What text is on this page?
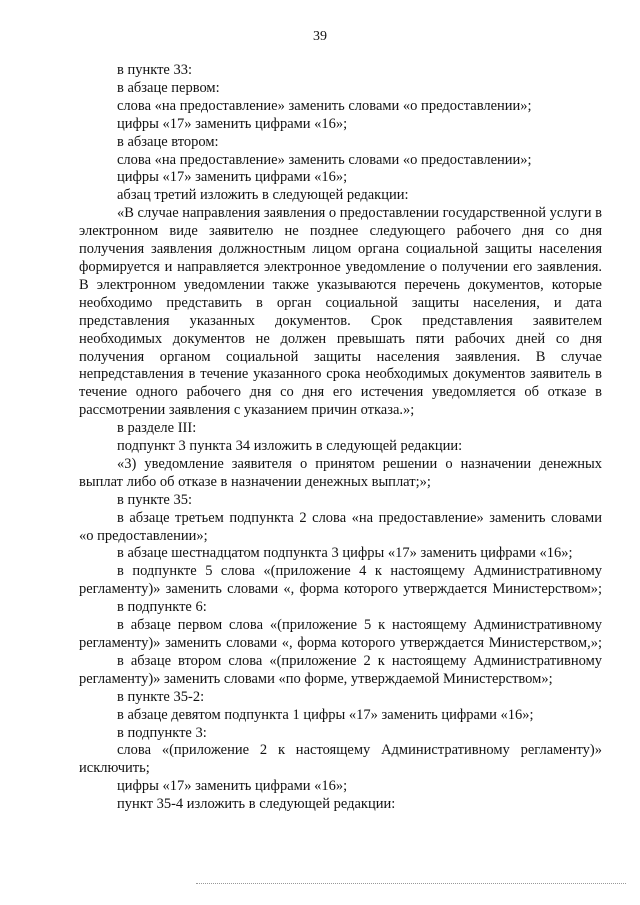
39

в пункте 33:

в абзаце первом:

слова «на предоставление» заменить словами «о предоставлении»;

цифры «17» заменить цифрами «16»;

в абзаце втором:

слова «на предоставление» заменить словами «о предоставлении»;

цифры «17» заменить цифрами «16»;

абзац третий изложить в следующей редакции:

«В случае направления заявления о предоставлении государственной услуги в электронном виде заявителю не позднее следующего рабочего дня со дня получения заявления должностным лицом органа социальной защиты населения формируется и направляется электронное уведомление о получении его заявления. В электронном уведомлении также указываются перечень документов, которые необходимо представить в орган социальной защиты населения, и дата представления указанных документов. Срок представления заявителем необходимых документов не должен превышать пяти рабочих дней со дня получения органом социальной защиты населения заявления. В случае непредставления в течение указанного срока необходимых документов заявитель в течение одного рабочего дня со дня его истечения уведомляется об отказе в рассмотрении заявления с указанием причин отказа.»;

в разделе III:

подпункт 3 пункта 34 изложить в следующей редакции:

«3) уведомление заявителя о принятом решении о назначении денежных выплат либо об отказе в назначении денежных выплат;»;

в пункте 35:

в абзаце третьем подпункта 2 слова «на предоставление» заменить словами «о предоставлении»;

в абзаце шестнадцатом подпункта 3 цифры «17» заменить цифрами «16»;

в подпункте 5 слова «(приложение 4 к настоящему Административному регламенту)» заменить словами «, форма которого утверждается Министерством»;

в подпункте 6:

в абзаце первом слова «(приложение 5 к настоящему Административному регламенту)» заменить словами «, форма которого утверждается Министерством,»;

в абзаце втором слова «(приложение 2 к настоящему Административному регламенту)» заменить словами «по форме, утверждаемой Министерством»;

в пункте 35-2:

в абзаце девятом подпункта 1 цифры «17» заменить цифрами «16»;

в подпункте 3:

слова «(приложение 2 к настоящему Административному регламенту)» исключить;

цифры «17» заменить цифрами «16»;

пункт 35-4 изложить в следующей редакции:
